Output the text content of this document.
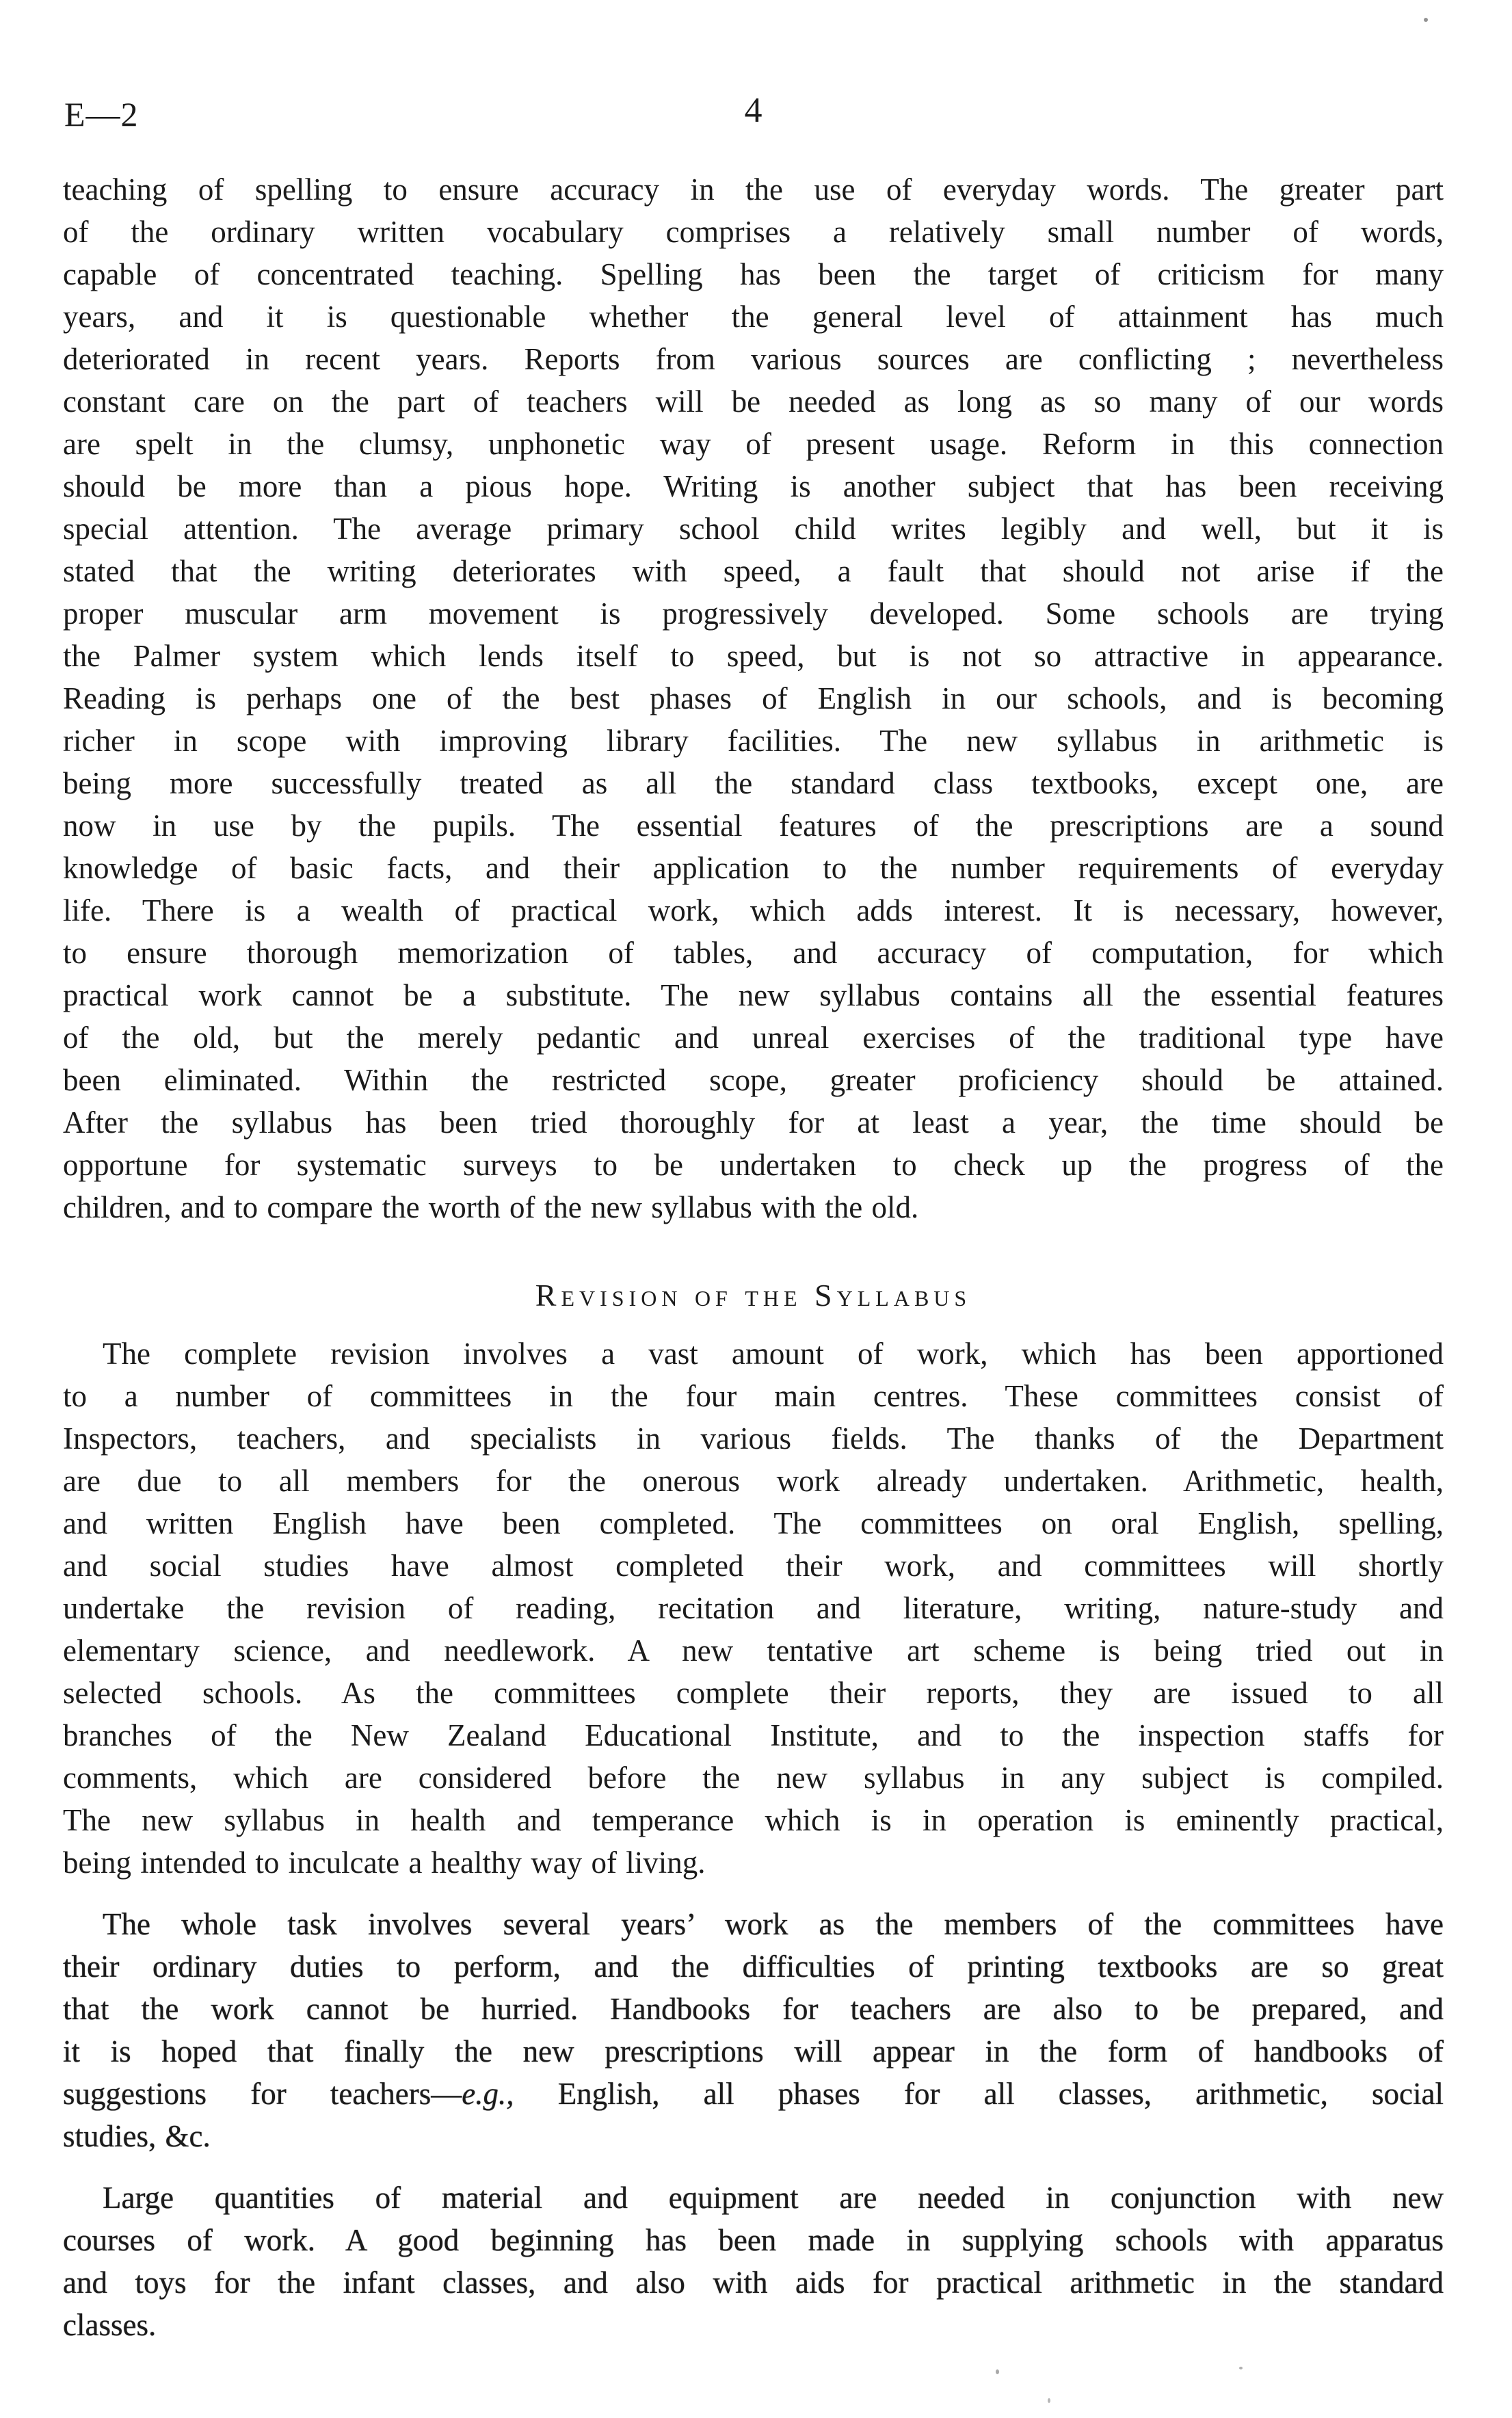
E—2	4
teaching of spelling to ensure accuracy in the use of everyday words. The greater part
of the ordinary written vocabulary comprises a relatively small number of words,
capable of concentrated teaching. Spelling has been the target of criticism for many
years, and it is questionable whether the general level of attainment has much
deteriorated in recent years. Reports from various sources are conflicting ; nevertheless
constant care on the part of teachers will be needed as long as so many of our words
are spelt in the clumsy, unphonetic way of present usage. Reform in this connection
should be more than a pious hope. Writing is another subject that has been receiving
special attention. The average primary school child writes legibly and well, but it is
stated that the writing deteriorates with speed, a fault that should not arise if the
proper muscular arm movement is progressively developed. Some schools are trying
the Palmer system which lends itself to speed, but is not so attractive in appearance.
Reading is perhaps one of the best phases of English in our schools, and is becoming
richer in scope with improving library facilities. The new syllabus in arithmetic is
being more successfully treated as all the standard class textbooks, except one, are
now in use by the pupils. The essential features of the prescriptions are a sound
knowledge of basic facts, and their application to the number requirements of everyday
life. There is a wealth of practical work, which adds interest. It is necessary, however,
to ensure thorough memorization of tables, and accuracy of computation, for which
practical work cannot be a substitute. The new syllabus contains all the essential features
of the old, but the merely pedantic and unreal exercises of the traditional type have
been eliminated. Within the restricted scope, greater proficiency should be attained.
After the syllabus has been tried thoroughly for at least a year, the time should be
opportune for systematic surveys to be undertaken to check up the progress of the
children, and to compare the worth of the new syllabus with the old.
Revision of the Syllabus
The complete revision involves a vast amount of work, which has been apportioned
to a number of committees in the four main centres. These committees consist of
Inspectors, teachers, and specialists in various fields. The thanks of the Department
are due to all members for the onerous work already undertaken. Arithmetic, health,
and written English have been completed. The committees on oral English, spelling,
and social studies have almost completed their work, and committees will shortly
undertake the revision of reading, recitation and literature, writing, nature-study and
elementary science, and needlework. A new tentative art scheme is being tried out in
selected schools. As the committees complete their reports, they are issued to all
branches of the New Zealand Educational Institute, and to the inspection staffs for
comments, which are considered before the new syllabus in any subject is compiled.
The new syllabus in health and temperance which is in operation is eminently practical,
being intended to inculcate a healthy way of living.
The whole task involves several years’ work as the members of the committees have
their ordinary duties to perform, and the difficulties of printing textbooks are so great
that the work cannot be hurried. Handbooks for teachers are also to be prepared, and
it is hoped that finally the new prescriptions will appear in the form of handbooks of
suggestions for teachers—e.g., English, all phases for all classes, arithmetic, social
studies, &c.
Large quantities of material and equipment are needed in conjunction with new
courses of work. A good beginning has been made in supplying schools with apparatus
and toys for the infant classes, and also with aids for practical arithmetic in the standard
classes.
